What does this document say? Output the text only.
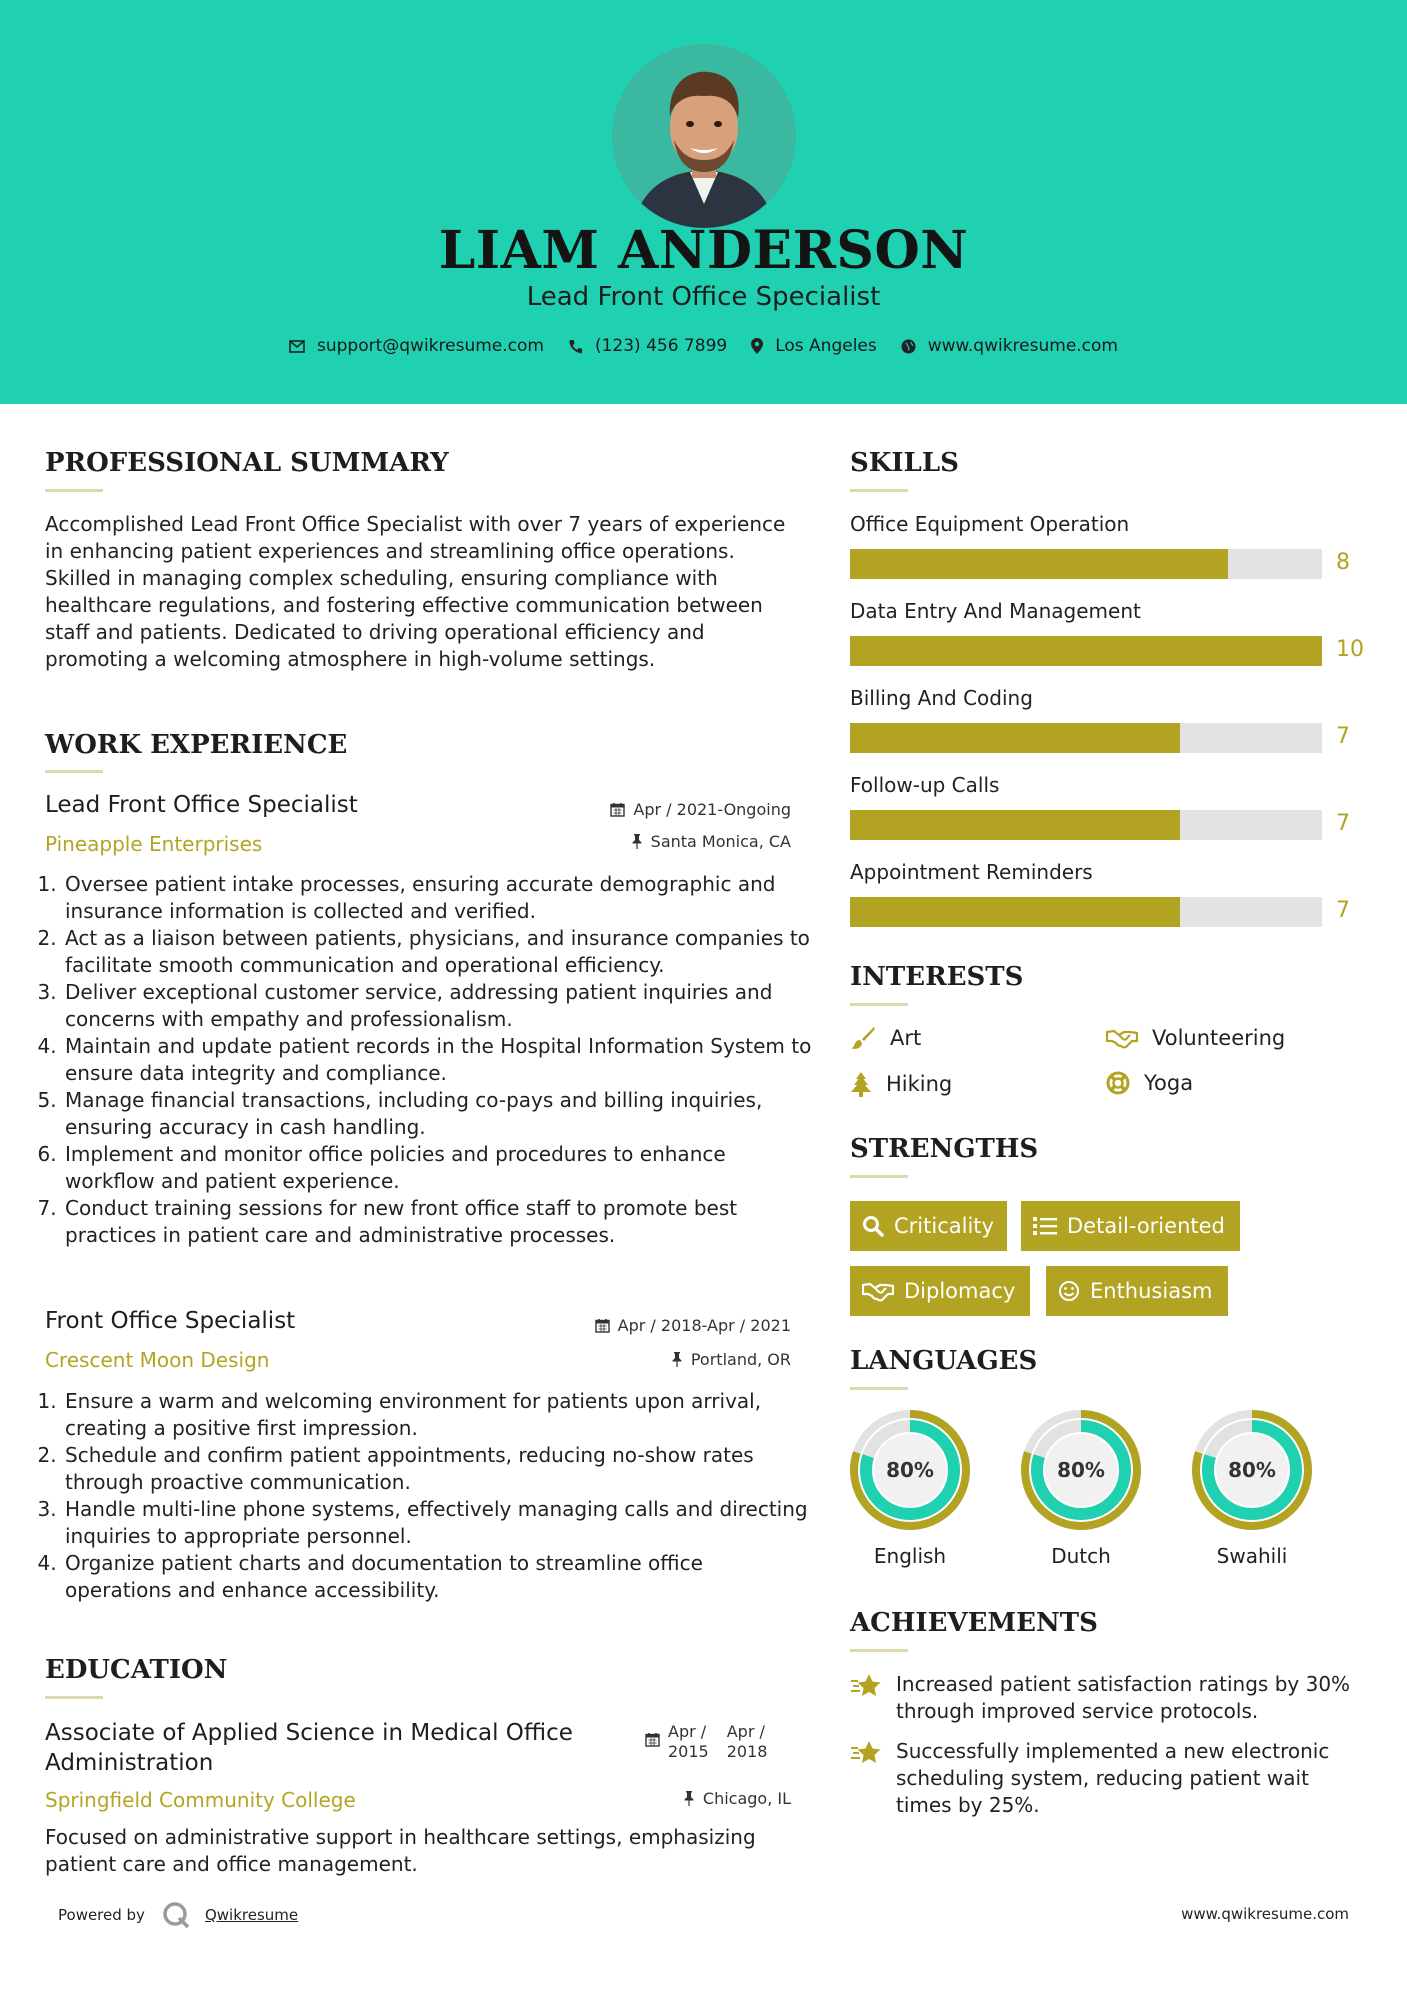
LIAM ANDERSON
Lead Front Office Specialist
support@qwikresume.com	(123) 456 7899	Los Angeles	www.qwikresume.com
PROFESSIONAL SUMMARY
Accomplished Lead Front Office Specialist with over 7 years of experience in enhancing patient experiences and streamlining office operations. Skilled in managing complex scheduling, ensuring compliance with healthcare regulations, and fostering effective communication between staff and patients. Dedicated to driving operational efficiency and promoting a welcoming atmosphere in high-volume settings.
WORK EXPERIENCE
Lead Front Office Specialist	Apr / 2021-Ongoing
Pineapple Enterprises	Santa Monica, CA
1. Oversee patient intake processes, ensuring accurate demographic and insurance information is collected and verified.
2. Act as a liaison between patients, physicians, and insurance companies to facilitate smooth communication and operational efficiency.
3. Deliver exceptional customer service, addressing patient inquiries and concerns with empathy and professionalism.
4. Maintain and update patient records in the Hospital Information System to ensure data integrity and compliance.
5. Manage financial transactions, including co-pays and billing inquiries, ensuring accuracy in cash handling.
6. Implement and monitor office policies and procedures to enhance workflow and patient experience.
7. Conduct training sessions for new front office staff to promote best practices in patient care and administrative processes.
Front Office Specialist	Apr / 2018-Apr / 2021
Crescent Moon Design	Portland, OR
1. Ensure a warm and welcoming environment for patients upon arrival, creating a positive first impression.
2. Schedule and confirm patient appointments, reducing no-show rates through proactive communication.
3. Handle multi-line phone systems, effectively managing calls and directing inquiries to appropriate personnel.
4. Organize patient charts and documentation to streamline office operations and enhance accessibility.
EDUCATION
Associate of Applied Science in Medical Office Administration
Apr /
2015
Apr /
2018
Springfield Community College	Chicago, IL
Focused on administrative support in healthcare settings, emphasizing patient care and office management.
SKILLS
Office Equipment Operation
8
Data Entry And Management
10
Billing And Coding
7
Follow-up Calls
7
Appointment Reminders
7
INTERESTS
Art	Volunteering
Hiking	Yoga
STRENGTHS
Criticality	Detail-oriented
Diplomacy	Enthusiasm
LANGUAGES
80%
English
80%
Dutch
80%
Swahili
ACHIEVEMENTS
Increased patient satisfaction ratings by 30% through improved service protocols.
Successfully implemented a new electronic scheduling system, reducing patient wait times by 25%.
Powered by	Qwikresume	www.qwikresume.com
